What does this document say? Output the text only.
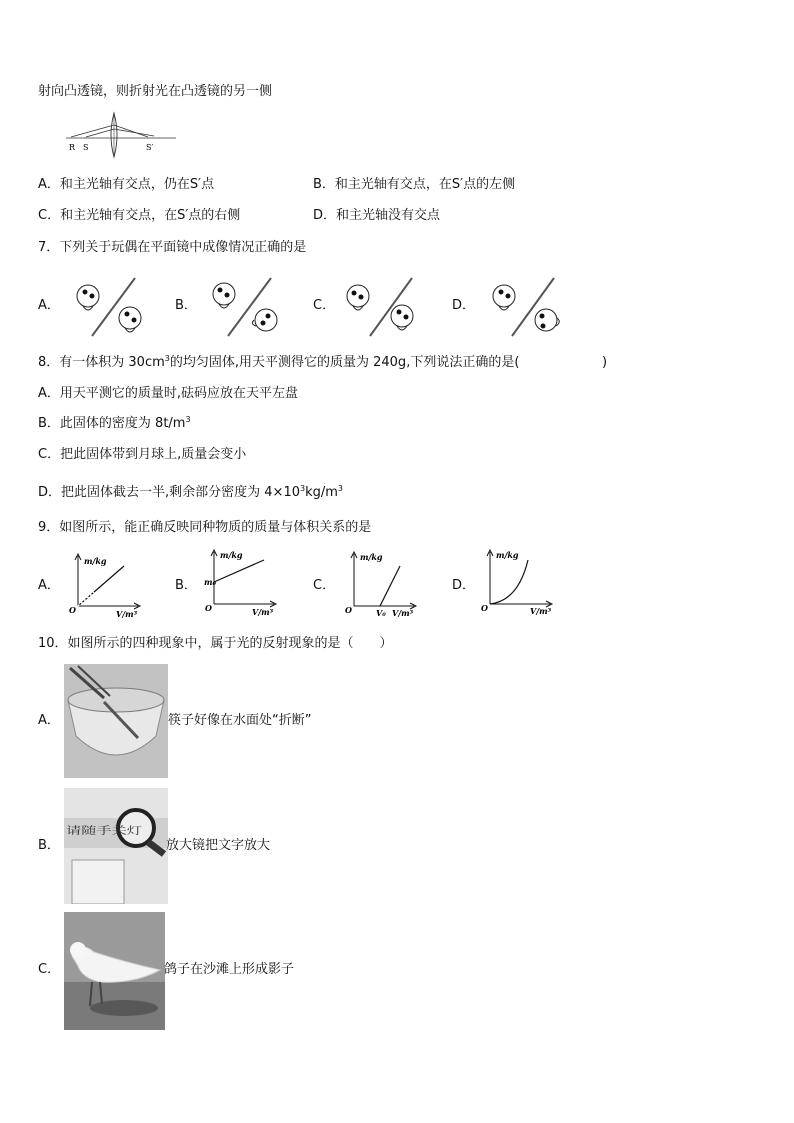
射向凸透镜，则折射光在凸透镜的另一侧
R S	S′
A．和主光轴有交点，仍在S′点	B．和主光轴有交点，在S′点的左侧
C．和主光轴有交点，在S′点的右侧	D．和主光轴没有交点
7．下列关于玩偶在平面镜中成像情况正确的是
A．	B．	C．	D．
8．有一体积为 $30cm^3$的均匀固体,用天平测得它的质量为 240g,下列说法正确的是(	)
A．用天平测它的质量时,砝码应放在天平左盘
B．此固体的密度为 $8t/m^3$
C．把此固体带到月球上,质量会变小
D．把此固体截去一半,剩余部分密度为 $4\times 10^3kg/m^3$
9．如图所示，能正确反映同种物质的质量与体积关系的是
A．
m/kg
V/m³
O
B．
m/kg
V/m³
O
m₀	C．
m/kg
V/m³
O	V₀
D．
m/kg
V/m³
O
10．如图所示的四种现象中，属于光的反射现象的是（　　）
A．	筷子好像在水面处“折断”
B．
请随手关灯
放大镜把文字放大
C．	鸽子在沙滩上形成影子
